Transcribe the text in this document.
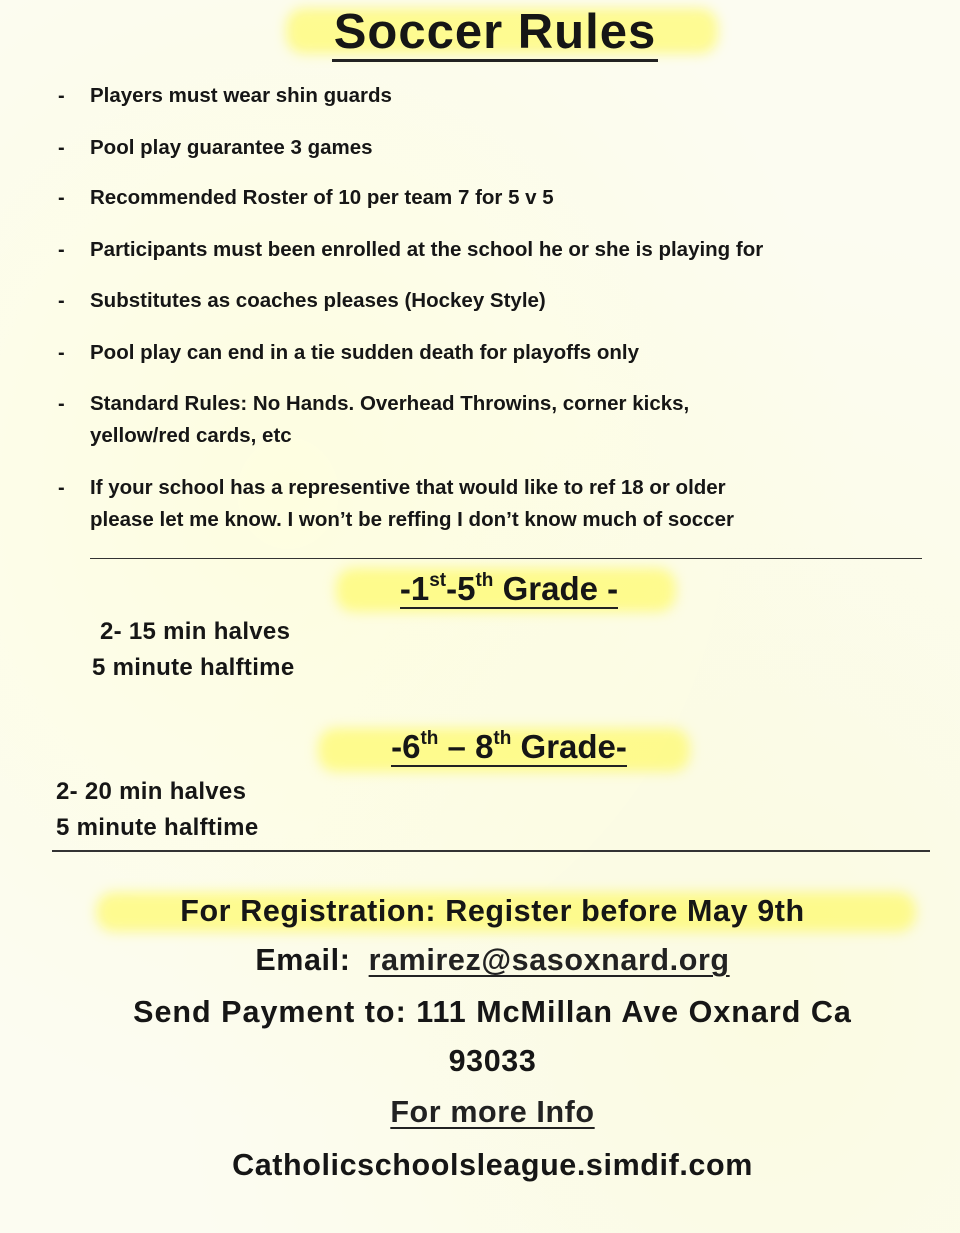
Soccer Rules
- Players must wear shin guards
- Pool play guarantee 3 games
- Recommended Roster of 10 per team 7 for 5 v 5
- Participants must been enrolled at the school he or she is playing for
- Substitutes as coaches pleases (Hockey Style)
- Pool play can end in a tie sudden death for playoffs only
- Standard Rules: No Hands. Overhead Throwins, corner kicks,
yellow/red cards, etc
- If your school has a representive that would like to ref 18 or older
please let me know. I won’t be reffing I don’t know much of soccer
-1st-5th Grade -
2- 15 min halves
5 minute halftime
-6th – 8th Grade-
2- 20 min halves
5 minute halftime
For Registration: Register before May 9th
Email: ramirez@sasoxnard.org
Send Payment to: 111 McMillan Ave Oxnard Ca
93033
For more Info
Catholicschoolsleague.simdif.com
